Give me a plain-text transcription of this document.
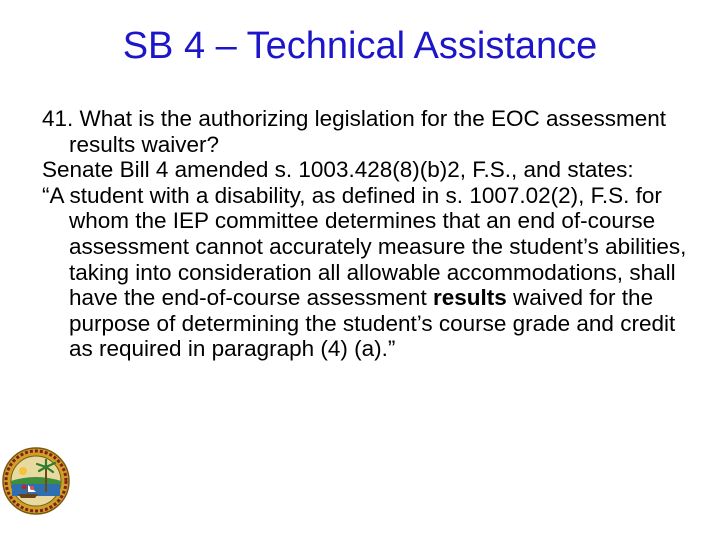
SB 4 – Technical Assistance

41. What is the authorizing legislation for the EOC assessment results waiver?

Senate Bill 4 amended s. 1003.428(8)(b)2, F.S., and states:

“A student with a disability, as defined in s. 1007.02(2), F.S. for whom the IEP committee determines that an end of-course assessment cannot accurately measure the student’s abilities, taking into consideration all allowable accommodations, shall have the end-of-course assessment results waived for the purpose of determining the student’s course grade and credit as required in paragraph (4) (a).”
